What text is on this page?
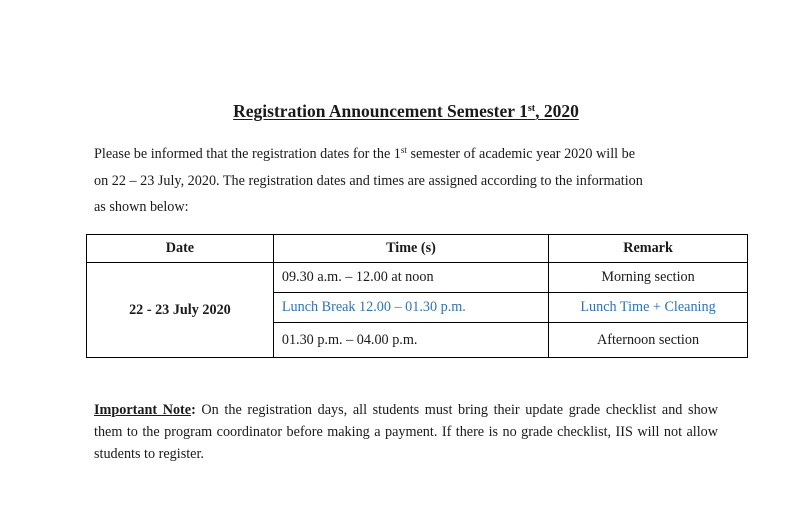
Registration Announcement Semester 1st, 2020

Please be informed that the registration dates for the 1st semester of academic year 2020 will be
on 22 – 23 July, 2020. The registration dates and times are assigned according to the information
as shown below:

Date	Time (s)	Remark
22 - 23 July 2020	09.30 a.m. – 12.00 at noon	Morning section
	Lunch Break 12.00 – 01.30 p.m.	Lunch Time + Cleaning
	01.30 p.m. – 04.00 p.m.	Afternoon section

Important Note: On the registration days, all students must bring their update grade checklist and show them to the program coordinator before making a payment. If there is no grade checklist, IIS will not allow students to register.
